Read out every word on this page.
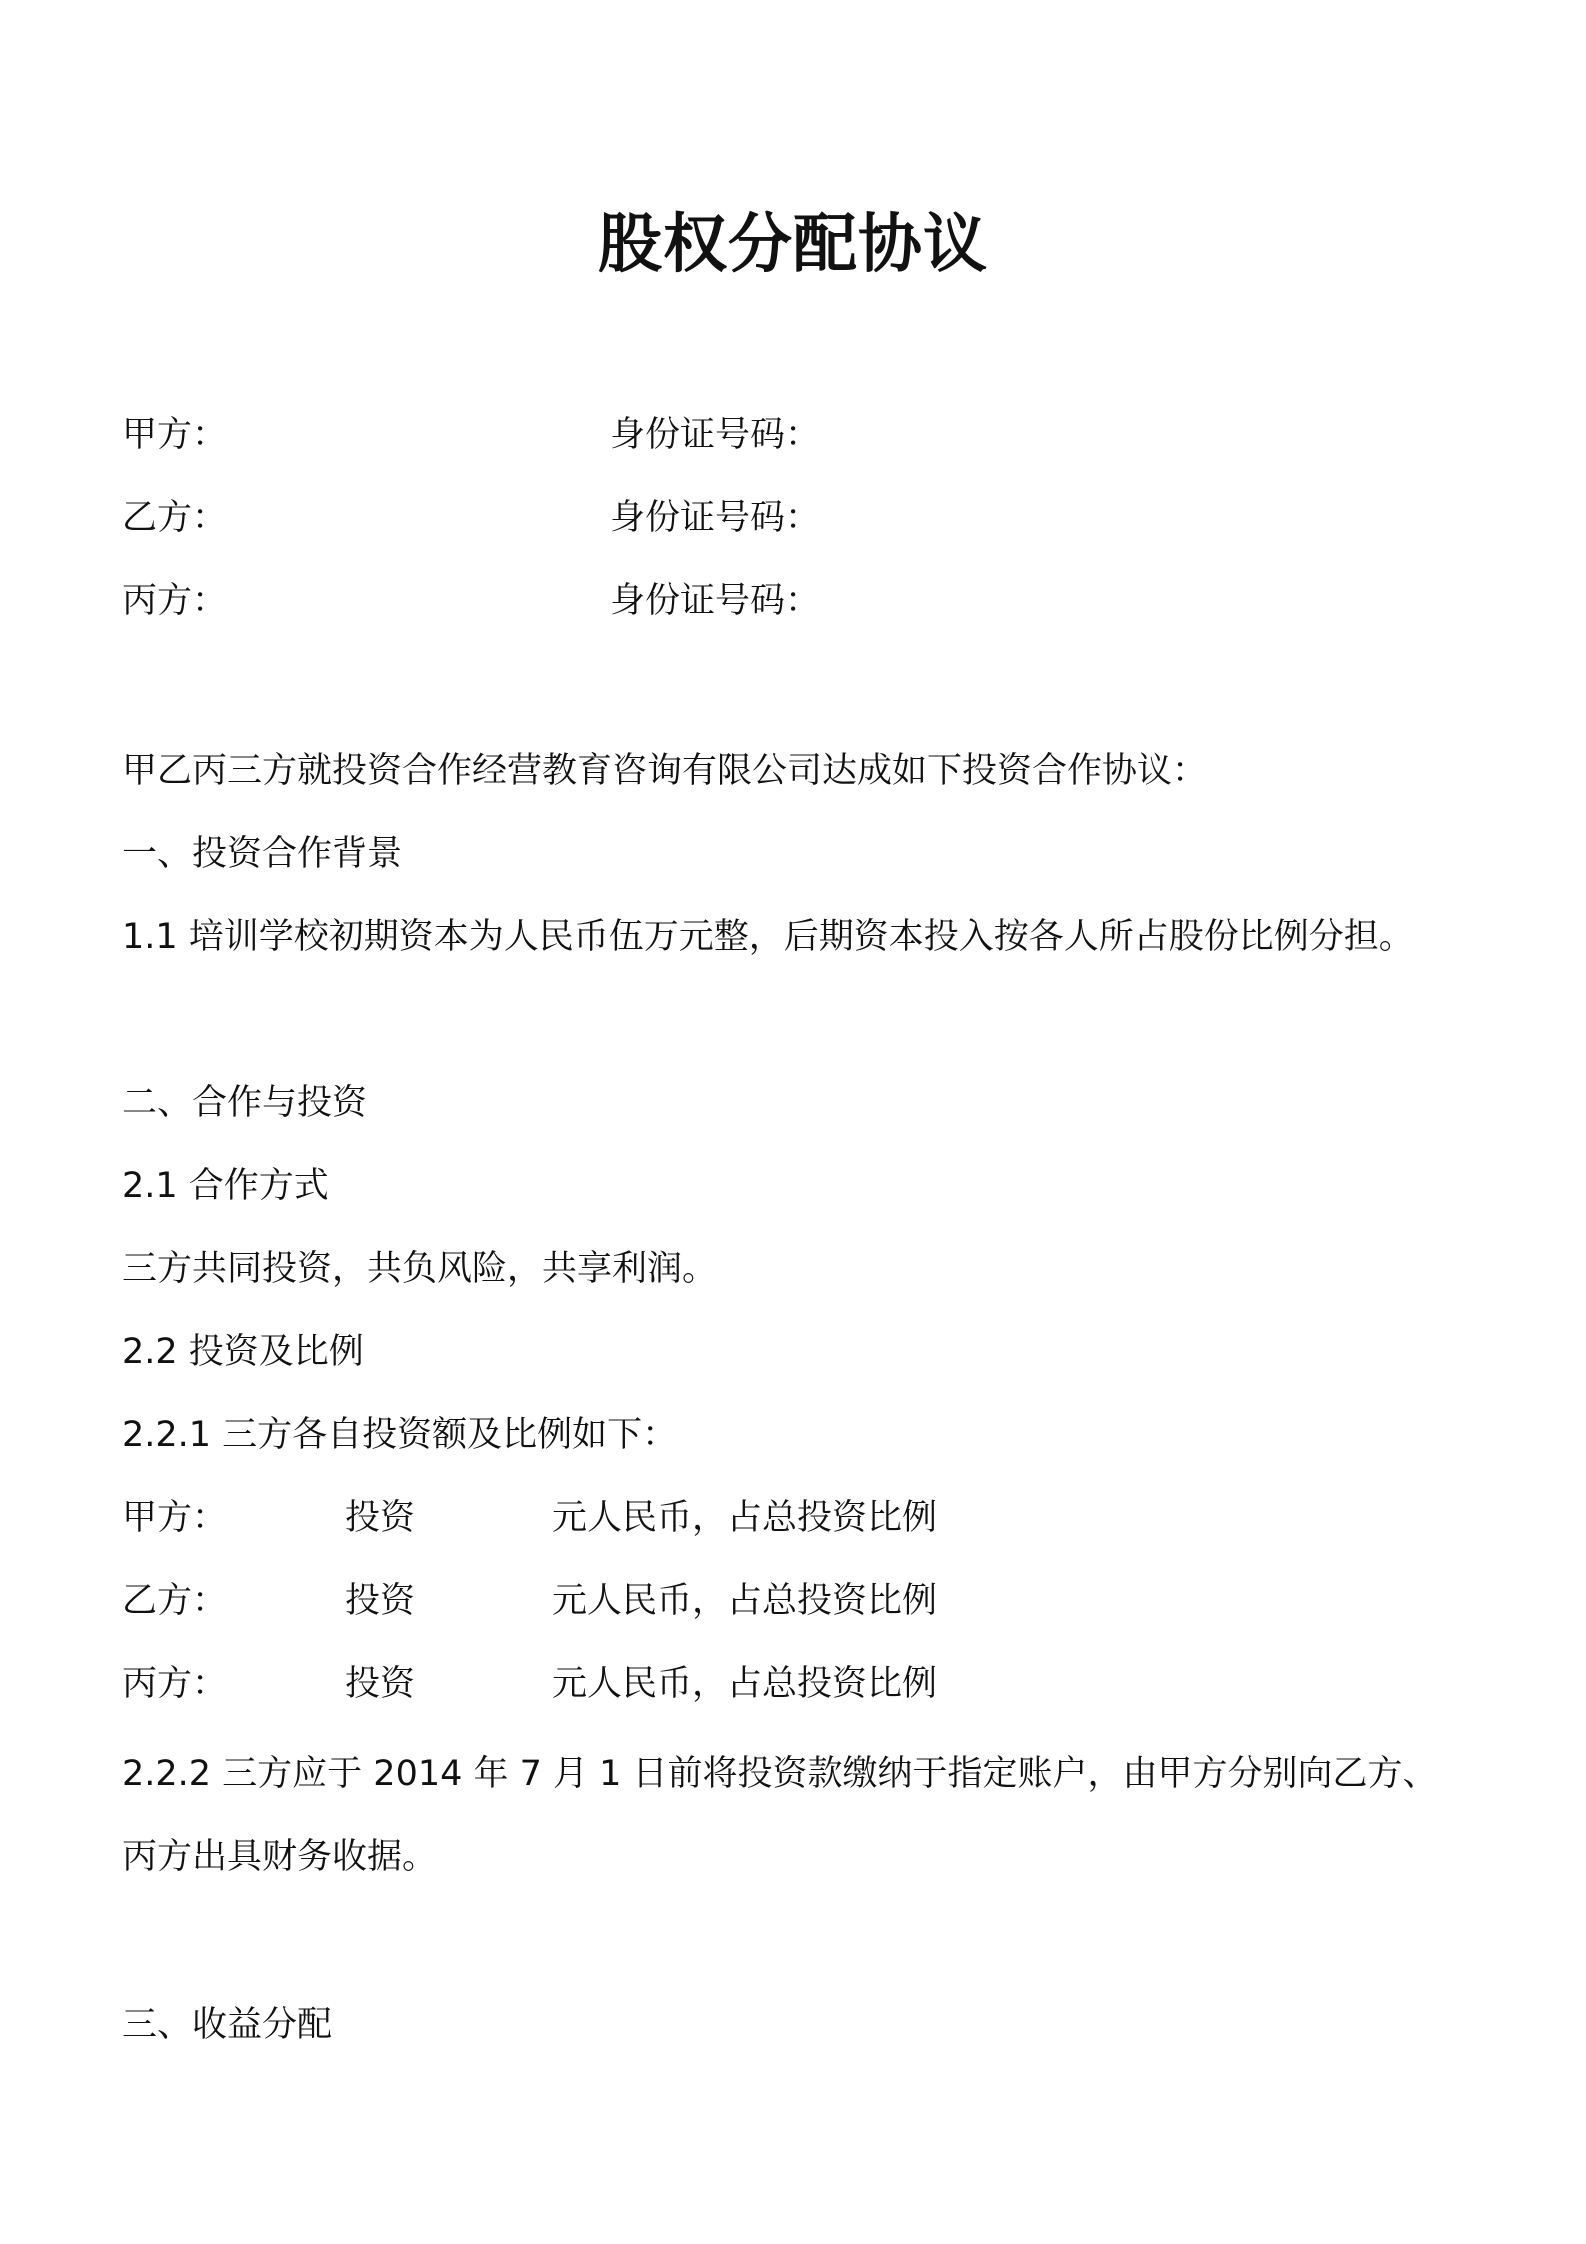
股权分配协议
甲方：	身份证号码：
乙方：	身份证号码：
丙方：	身份证号码：
甲乙丙三方就投资合作经营教育咨询有限公司达成如下投资合作协议：
一、投资合作背景
1.1 培训学校初期资本为人民币伍万元整，后期资本投入按各人所占股份比例分担。
二、合作与投资
2.1 合作方式
三方共同投资，共负风险，共享利润。
2.2 投资及比例
2.2.1 三方各自投资额及比例如下：
甲方：	投资	元人民币，占总投资比例
乙方：	投资	元人民币，占总投资比例
丙方：	投资	元人民币，占总投资比例
2.2.2 三方应于 2014 年 7 月 1 日前将投资款缴纳于指定账户，由甲方分别向乙方、
丙方出具财务收据。
三、收益分配
